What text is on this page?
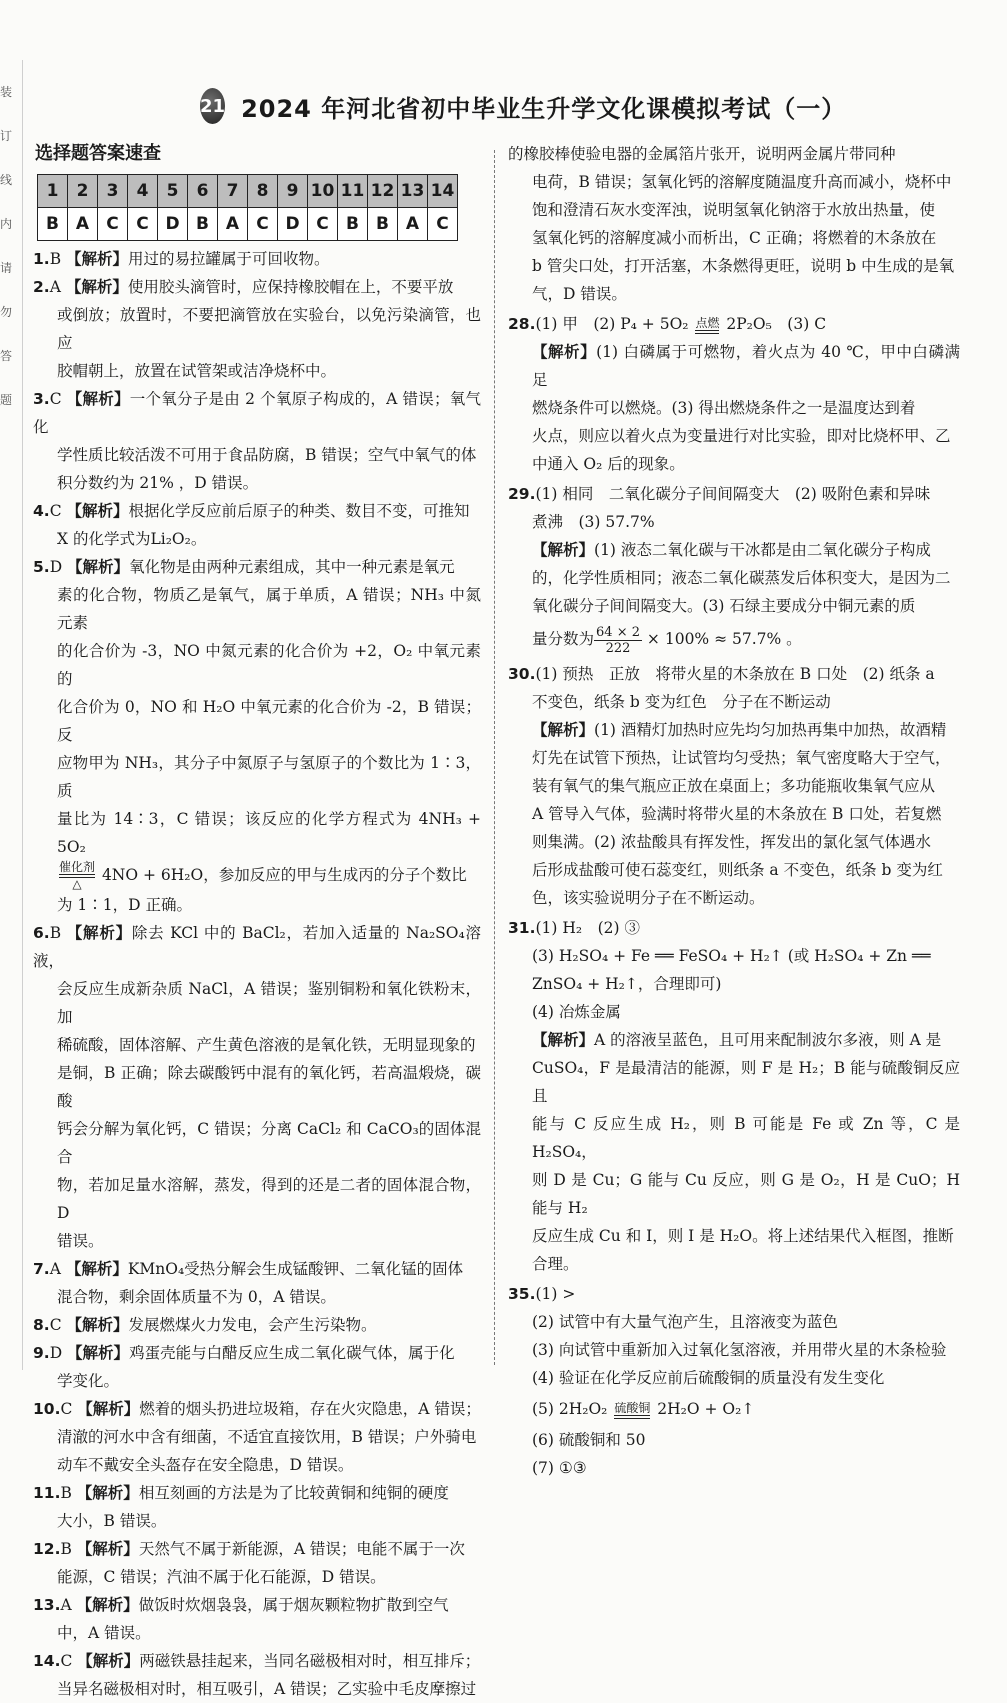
装
订
线
内
请
勿
答
题
21 2024 年河北省初中毕业生升学文化课模拟考试（一）
选择题答案速查
1	2	3	4	5	6	7	8	9	10	11	12	13	14
B	A	C	C	D	B	A	C	D	C	B	B	A	C

1.B 【解析】用过的易拉罐属于可回收物。

2.A 【解析】使用胶头滴管时，应保持橡胶帽在上，不要平放

或倒放；放置时，不要把滴管放在实验台，以免污染滴管，也应

胶帽朝上，放置在试管架或洁净烧杯中。

3.C 【解析】一个氧分子是由 2 个氧原子构成的，A 错误；氧气化

学性质比较活泼不可用于食品防腐，B 错误；空气中氧气的体

积分数约为 21% ，D 错误。

4.C 【解析】根据化学反应前后原子的种类、数目不变，可推知

X 的化学式为Li₂O₂。

5.D 【解析】氧化物是由两种元素组成，其中一种元素是氧元

素的化合物，物质乙是氧气，属于单质，A 错误；NH₃ 中氮元素

的化合价为 -3，NO 中氮元素的化合价为 +2，O₂ 中氧元素的

化合价为 0，NO 和 H₂O 中氧元素的化合价为 -2，B 错误；反

应物甲为 NH₃，其分子中氮原子与氢原子的个数比为 1∶3，质

量比为 14∶3，C 错误；该反应的化学方程式为 4NH₃ + 5O₂

催化剂
△ 4NO + 6H₂O，参加反应的甲与生成丙的分子个数比

为 1∶1，D 正确。

6.B 【解析】除去 KCl 中的 BaCl₂，若加入适量的 Na₂SO₄溶液，

会反应生成新杂质 NaCl，A 错误；鉴别铜粉和氧化铁粉末，加

稀硫酸，固体溶解、产生黄色溶液的是氧化铁，无明显现象的

是铜，B 正确；除去碳酸钙中混有的氧化钙，若高温煅烧，碳酸

钙会分解为氧化钙，C 错误；分离 CaCl₂ 和 CaCO₃的固体混合

物，若加足量水溶解，蒸发，得到的还是二者的固体混合物，D

错误。

7.A 【解析】KMnO₄受热分解会生成锰酸钾、二氧化锰的固体

混合物，剩余固体质量不为 0，A 错误。

8.C 【解析】发展燃煤火力发电，会产生污染物。

9.D 【解析】鸡蛋壳能与白醋反应生成二氧化碳气体，属于化

学变化。

10.C 【解析】燃着的烟头扔进垃圾箱，存在火灾隐患，A 错误；

清澈的河水中含有细菌，不适宜直接饮用，B 错误；户外骑电

动车不戴安全头盔存在安全隐患，D 错误。

11.B 【解析】相互刻画的方法是为了比较黄铜和纯铜的硬度

大小，B 错误。

12.B 【解析】天然气不属于新能源，A 错误；电能不属于一次

能源，C 错误；汽油不属于化石能源，D 错误。

13.A 【解析】做饭时炊烟袅袅，属于烟灰颗粒物扩散到空气

中，A 错误。

14.C 【解析】两磁铁悬挂起来，当同名磁极相对时，相互排斥；

当异名磁极相对时，相互吸引，A 错误；乙实验中毛皮摩擦过

的橡胶棒使验电器的金属箔片张开，说明两金属片带同种

电荷，B 错误；氢氧化钙的溶解度随温度升高而减小，烧杯中

饱和澄清石灰水变浑浊，说明氢氧化钠溶于水放出热量，使

氢氧化钙的溶解度减小而析出，C 正确；将燃着的木条放在

b 管尖口处，打开活塞，木条燃得更旺，说明 b 中生成的是氧

气，D 错误。

28.(1) 甲　(2) P₄ + 5O₂ 点燃 2P₂O₅　(3) C

【解析】(1) 白磷属于可燃物，着火点为 40 ℃，甲中白磷满足

燃烧条件可以燃烧。(3) 得出燃烧条件之一是温度达到着

火点，则应以着火点为变量进行对比实验，即对比烧杯甲、乙

中通入 O₂ 后的现象。

29.(1) 相同　二氧化碳分子间间隔变大　(2) 吸附色素和异味

煮沸　(3) 57.7%

【解析】(1) 液态二氧化碳与干冰都是由二氧化碳分子构成

的，化学性质相同；液态二氧化碳蒸发后体积变大，是因为二

氧化碳分子间间隔变大。(3) 石绿主要成分中铜元素的质

量分数为 $\frac{64 \times 2}{222} \times 100\% \approx 57.7\%$ 。

30.(1) 预热　正放　将带火星的木条放在 B 口处　(2) 纸条 a

不变色，纸条 b 变为红色　分子在不断运动

【解析】(1) 酒精灯加热时应先均匀加热再集中加热，故酒精

灯先在试管下预热，让试管均匀受热；氧气密度略大于空气，

装有氧气的集气瓶应正放在桌面上；多功能瓶收集氧气应从

A 管导入气体，验满时将带火星的木条放在 B 口处，若复燃

则集满。(2) 浓盐酸具有挥发性，挥发出的氯化氢气体遇水

后形成盐酸可使石蕊变红，则纸条 a 不变色，纸条 b 变为红

色，该实验说明分子在不断运动。

31.(1) H₂　(2) ③

(3) H₂SO₄ + Fe ══ FeSO₄ + H₂↑ (或 H₂SO₄ + Zn ══

ZnSO₄ + H₂↑，合理即可)

(4) 冶炼金属

【解析】A 的溶液呈蓝色，且可用来配制波尔多液，则 A 是

CuSO₄，F 是最清洁的能源，则 F 是 H₂；B 能与硫酸铜反应且

能与 C 反应生成 H₂，则 B 可能是 Fe 或 Zn 等，C 是 H₂SO₄，

则 D 是 Cu；G 能与 Cu 反应，则 G 是 O₂，H 是 CuO；H 能与 H₂

反应生成 Cu 和 I，则 I 是 H₂O。将上述结果代入框图，推断

合理。

35.(1) >

(2) 试管中有大量气泡产生，且溶液变为蓝色

(3) 向试管中重新加入过氧化氢溶液，并用带火星的木条检验

(4) 验证在化学反应前后硫酸铜的质量没有发生变化

(5) 2H₂O₂ 硫酸铜 2H₂O + O₂↑

(6) 硫酸铜和 50

(7) ①③
